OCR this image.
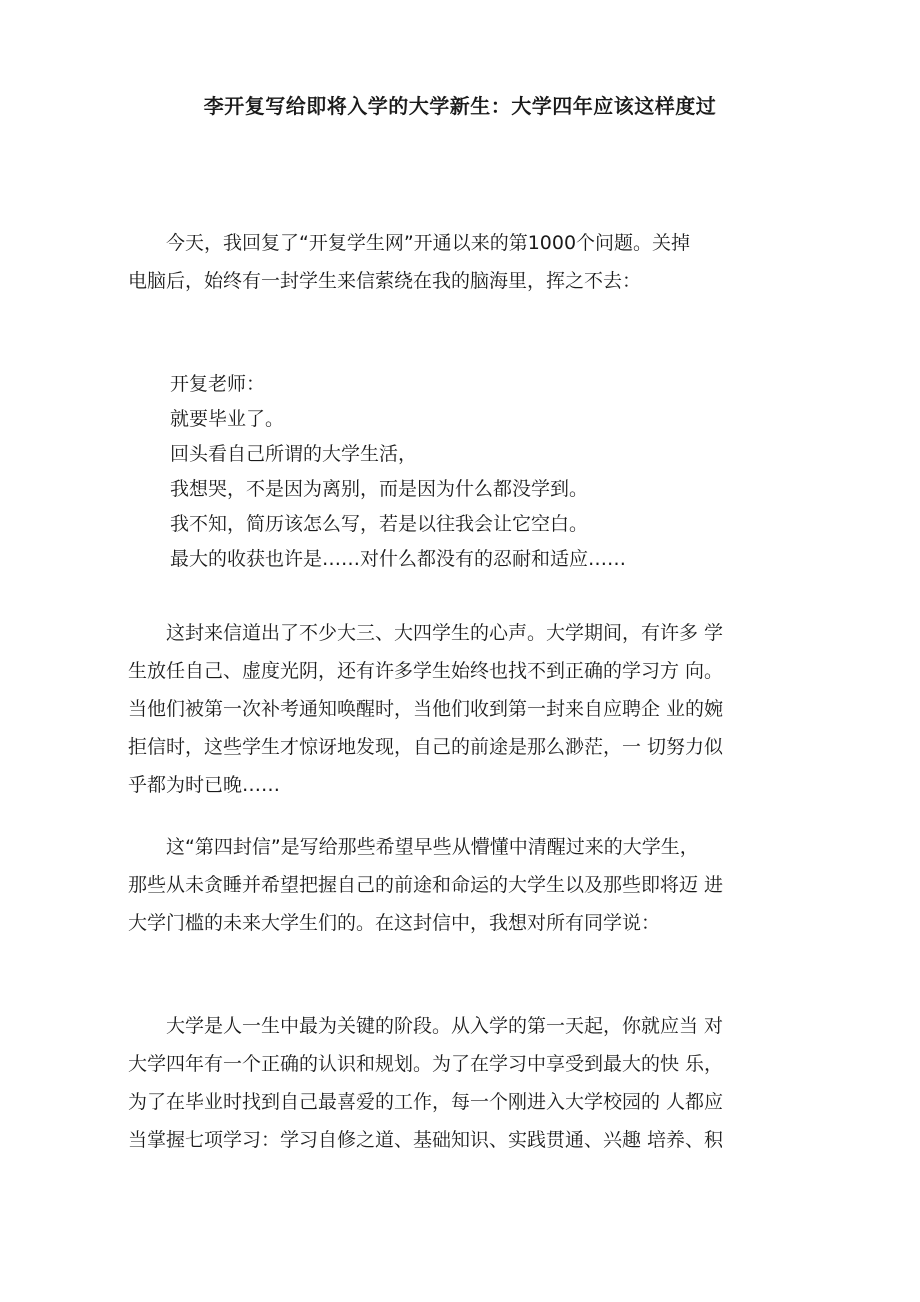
李开复写给即将入学的大学新生：大学四年应该这样度过
　　今天，我回复了“开复学生网”开通以来的第1000个问题。关掉
电脑后，始终有一封学生来信萦绕在我的脑海里，挥之不去：
开复老师：
就要毕业了。
回头看自己所谓的大学生活，
我想哭，不是因为离别，而是因为什么都没学到。
我不知，简历该怎么写，若是以往我会让它空白。
最大的收获也许是……对什么都没有的忍耐和适应……
　　这封来信道出了不少大三、大四学生的心声。大学期间，有许多 学
生放任自己、虚度光阴，还有许多学生始终也找不到正确的学习方 向。
当他们被第一次补考通知唤醒时，当他们收到第一封来自应聘企 业的婉
拒信时，这些学生才惊讶地发现，自己的前途是那么渺茫，一 切努力似
乎都为时已晚……
　　这“第四封信”是写给那些希望早些从懵懂中清醒过来的大学生，
那些从未贪睡并希望把握自己的前途和命运的大学生以及那些即将迈 进
大学门槛的未来大学生们的。在这封信中，我想对所有同学说：
　　大学是人一生中最为关键的阶段。从入学的第一天起，你就应当 对
大学四年有一个正确的认识和规划。为了在学习中享受到最大的快 乐，
为了在毕业时找到自己最喜爱的工作，每一个刚进入大学校园的 人都应
当掌握七项学习：学习自修之道、基础知识、实践贯通、兴趣 培养、积
